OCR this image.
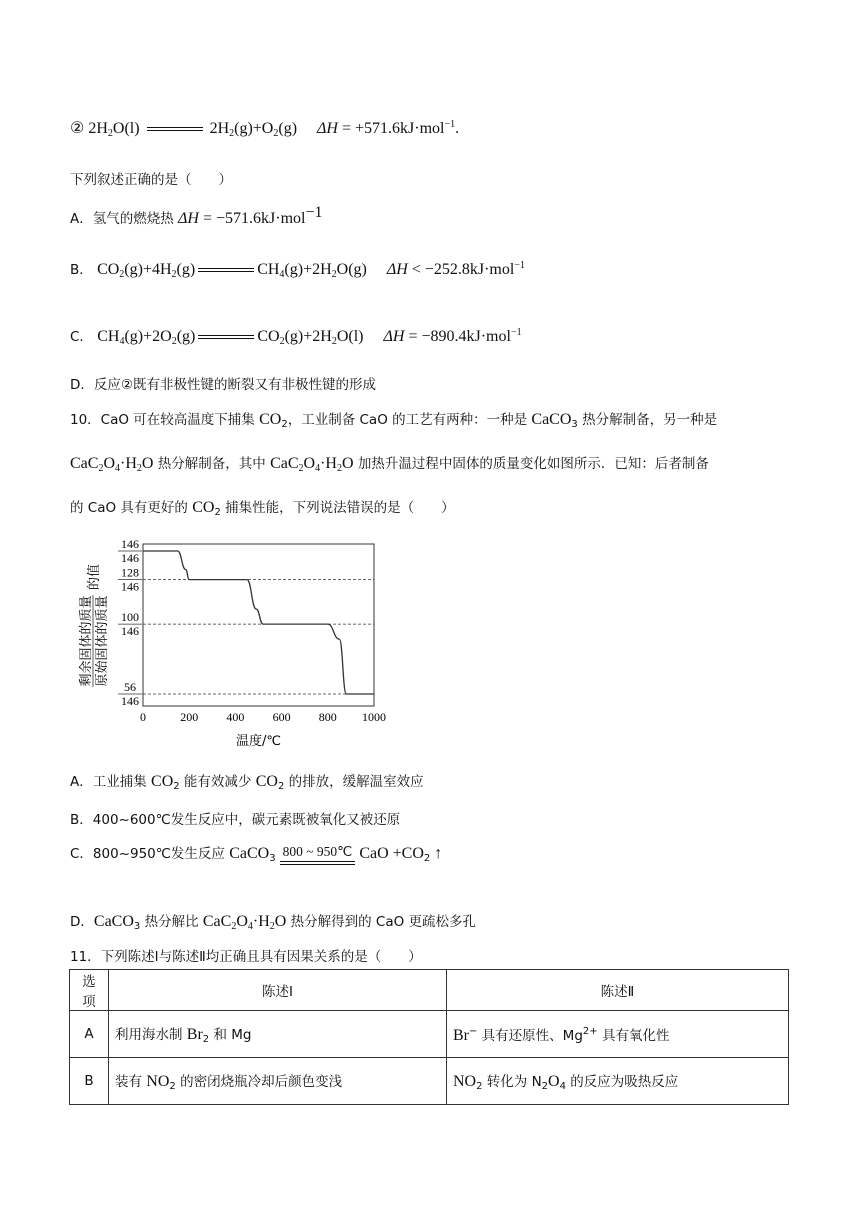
② $2H_2O(l)$	$2H_2(g)+O_2(g) \Delta H = +571.6kJ\cdot mol^{-1}$.
下列叙述正确的是（　　）
A．氢气的燃烧热 ΔH = −571.6kJ·mol$^{-1}$
B． $CO_2(g)+4H_2(g)$	$CH_4(g)+2H_2O(g) \Delta H < -252.8kJ\cdot mol^{-1}$
C． $CH_4(g)+2O_2(g)$	$CO_2(g)+2H_2O(l) \Delta H = -890.4kJ\cdot mol^{-1}$
D．反应②既有非极性键的断裂又有非极性键的形成
10．CaO 可在较高温度下捕集 $CO_2$，工业制备 CaO 的工艺有两种：一种是 CaCO$_3$ 热分解制备，另一种是
$CaC_2O_4\cdot H_2O$ 热分解制备，其中 $CaC_2O_4\cdot H_2O$ 加热升温过程中固体的质量变化如图所示．已知：后者制备
的 CaO 具有更好的 $CO_2$ 捕集性能，下列说法错误的是（　　）
146
146
128
146
100
146
56
146
0	200 400 600 800 1000
温度/℃
剩余固体的质量 原始固体的质量
的值
A．工业捕集 $CO_2$ 能有效减少 $CO_2$ 的排放，缓解温室效应
B．400~600℃发生反应中，碳元素既被氧化又被还原
C．800~950℃发生反应 CaCO$_3$ 800 ~ 950℃ CaO $+CO_2$ ↑
D．CaCO$_3$ 热分解比 $CaC_2O_4\cdot H_2O$ 热分解得到的 CaO 更疏松多孔
11．下列陈述Ⅰ与陈述Ⅱ均正确且具有因果关系的是（　　）
选项	陈述Ⅰ	陈述Ⅱ
A	利用海水制 $Br_2$ 和 Mg	Br− 具有还原性、$Mg^{2+}$ 具有氧化性
B	装有 $NO_2$ 的密闭烧瓶冷却后颜色变浅	$NO_2$ 转化为 $N_2O_4$ 的反应为吸热反应
